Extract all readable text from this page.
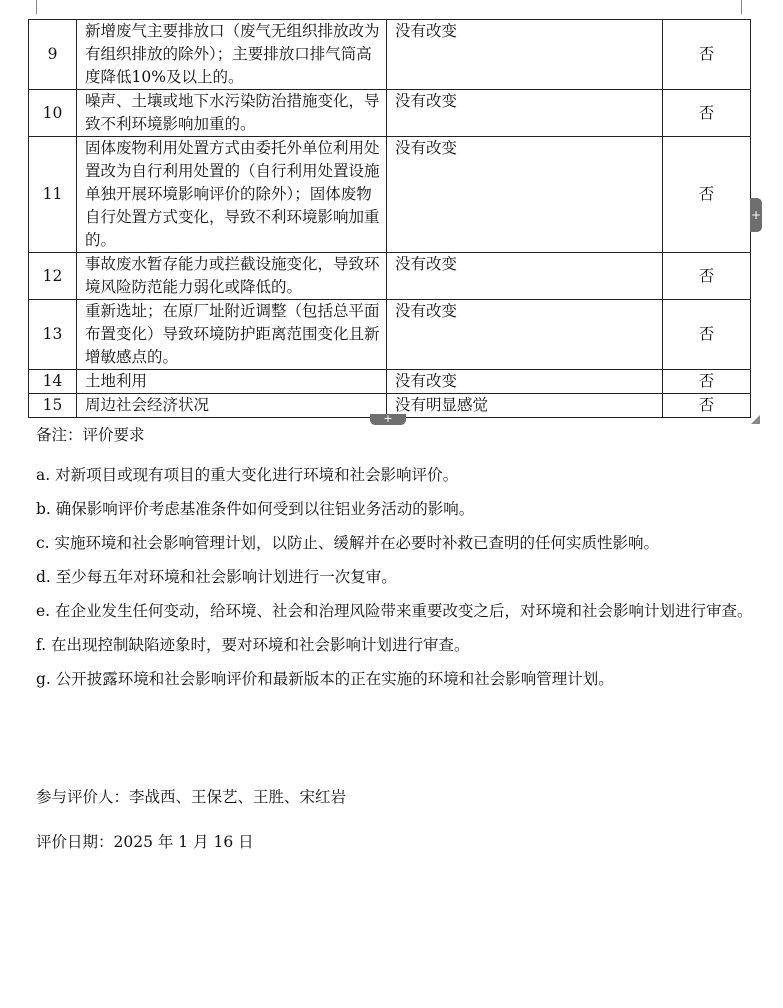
9	新增废气主要排放口（废气无组织排放改为有组织排放的除外）；主要排放口排气筒高度降低10%及以上的。	没有改变	否
10	噪声、土壤或地下水污染防治措施变化，导致不利环境影响加重的。	没有改变	否
11	固体废物利用处置方式由委托外单位利用处置改为自行利用处置的（自行利用处置设施单独开展环境影响评价的除外）；固体废物自行处置方式变化，导致不利环境影响加重的。	没有改变	否
12	事故废水暂存能力或拦截设施变化，导致环境风险防范能力弱化或降低的。	没有改变	否
13	重新选址；在原厂址附近调整（包括总平面布置变化）导致环境防护距离范围变化且新增敏感点的。	没有改变	否
14	土地利用	没有改变	否
15	周边社会经济状况	没有明显感觉	否
+
+

备注：评价要求

a. 对新项目或现有项目的重大变化进行环境和社会影响评价。

b. 确保影响评价考虑基准条件如何受到以往铝业务活动的影响。

c. 实施环境和社会影响管理计划，以防止、缓解并在必要时补救已查明的任何实质性影响。

d. 至少每五年对环境和社会影响计划进行一次复审。

e. 在企业发生任何变动，给环境、社会和治理风险带来重要改变之后，对环境和社会影响计划进行审查。

f. 在出现控制缺陷迹象时，要对环境和社会影响计划进行审查。

g. 公开披露环境和社会影响评价和最新版本的正在实施的环境和社会影响管理计划。

参与评价人：李战西、王保艺、王胜、宋红岩

评价日期：2025 年 1 月 16 日
